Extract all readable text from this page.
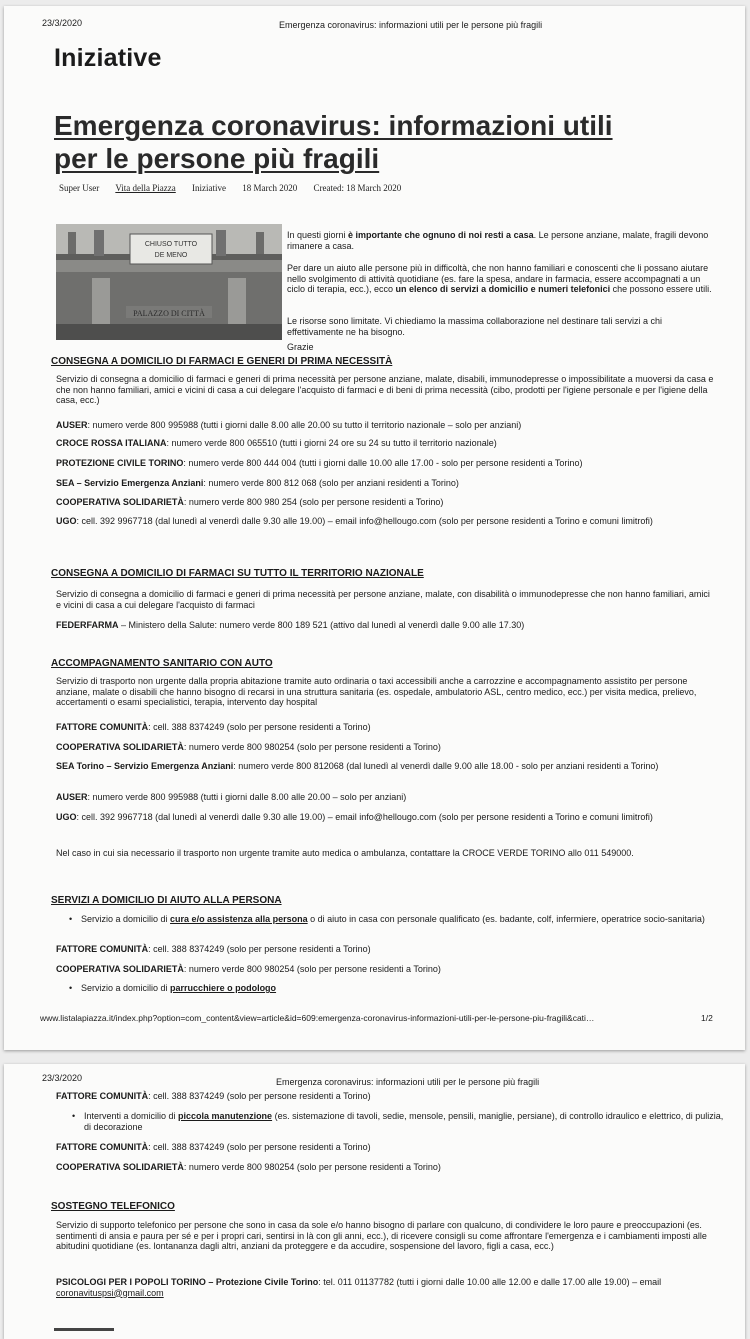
23/3/2020	Emergenza coronavirus: informazioni utili per le persone più fragili
Iniziative
Emergenza coronavirus: informazioni utili
per le persone più fragili
Super User Vita della Piazza Iniziative 18 March 2020 Created: 18 March 2020
CHIUSO TUTTO
DE MENO
PALAZZO DI CITTÀ
In questi giorni è importante che ognuno di noi resti a casa. Le persone anziane, malate, fragili devono rimanere a casa.
Per dare un aiuto alle persone più in difficoltà, che non hanno familiari e conoscenti che li possano aiutare nello svolgimento di attività quotidiane (es. fare la spesa, andare in farmacia, essere accompagnati a un ciclo di terapia, ecc.), ecco un elenco di servizi a domicilio e numeri telefonici che possono essere utili.
Le risorse sono limitate. Vi chiediamo la massima collaborazione nel destinare tali servizi a chi effettivamente ne ha bisogno.
Grazie
CONSEGNA A DOMICILIO DI FARMACI E GENERI DI PRIMA NECESSITÀ
Servizio di consegna a domicilio di farmaci e generi di prima necessità per persone anziane, malate, disabili, immunodepresse o impossibilitate a muoversi da casa e che non hanno familiari, amici e vicini di casa a cui delegare l'acquisto di farmaci e di beni di prima necessità (cibo, prodotti per l'igiene personale e per l'igiene della casa, ecc.)
AUSER: numero verde 800 995988 (tutti i giorni dalle 8.00 alle 20.00 su tutto il territorio nazionale – solo per anziani)
CROCE ROSSA ITALIANA: numero verde 800 065510 (tutti i giorni 24 ore su 24 su tutto il territorio nazionale)
PROTEZIONE CIVILE TORINO: numero verde 800 444 004 (tutti i giorni dalle 10.00 alle 17.00 - solo per persone residenti a Torino)
SEA – Servizio Emergenza Anziani: numero verde 800 812 068 (solo per anziani residenti a Torino)
COOPERATIVA SOLIDARIETÀ: numero verde 800 980 254 (solo per persone residenti a Torino)
UGO: cell. 392 9967718 (dal lunedì al venerdì dalle 9.30 alle 19.00) – email info@hellougo.com (solo per persone residenti a Torino e comuni limitrofi)
CONSEGNA A DOMICILIO DI FARMACI SU TUTTO IL TERRITORIO NAZIONALE
Servizio di consegna a domicilio di farmaci e generi di prima necessità per persone anziane, malate, con disabilità o immunodepresse che non hanno familiari, amici e vicini di casa a cui delegare l'acquisto di farmaci
FEDERFARMA – Ministero della Salute: numero verde 800 189 521 (attivo dal lunedì al venerdì dalle 9.00 alle 17.30)
ACCOMPAGNAMENTO SANITARIO CON AUTO
Servizio di trasporto non urgente dalla propria abitazione tramite auto ordinaria o taxi accessibili anche a carrozzine e accompagnamento assistito per persone anziane, malate o disabili che hanno bisogno di recarsi in una struttura sanitaria (es. ospedale, ambulatorio ASL, centro medico, ecc.) per visita medica, prelievo, accertamenti o esami specialistici, terapia, intervento day hospital
FATTORE COMUNITÀ: cell. 388 8374249 (solo per persone residenti a Torino)
COOPERATIVA SOLIDARIETÀ: numero verde 800 980254 (solo per persone residenti a Torino)
SEA Torino – Servizio Emergenza Anziani: numero verde 800 812068 (dal lunedì al venerdì dalle 9.00 alle 18.00 - solo per anziani residenti a Torino)
AUSER: numero verde 800 995988 (tutti i giorni dalle 8.00 alle 20.00 – solo per anziani)
UGO: cell. 392 9967718 (dal lunedì al venerdì dalle 9.30 alle 19.00) – email info@hellougo.com (solo per persone residenti a Torino e comuni limitrofi)
Nel caso in cui sia necessario il trasporto non urgente tramite auto medica o ambulanza, contattare la CROCE VERDE TORINO allo 011 549000.
SERVIZI A DOMICILIO DI AIUTO ALLA PERSONA
• Servizio a domicilio di cura e/o assistenza alla persona o di aiuto in casa con personale qualificato (es. badante, colf, infermiere, operatrice socio-sanitaria)
FATTORE COMUNITÀ: cell. 388 8374249 (solo per persone residenti a Torino)
COOPERATIVA SOLIDARIETÀ: numero verde 800 980254 (solo per persone residenti a Torino)
• Servizio a domicilio di parrucchiere o podologo
www.listalapiazza.it/index.php?option=com_content&view=article&id=609:emergenza-coronavirus-informazioni-utili-per-le-persone-piu-fragili&cati…	1/2
23/3/2020	Emergenza coronavirus: informazioni utili per le persone più fragili
FATTORE COMUNITÀ: cell. 388 8374249 (solo per persone residenti a Torino)
• Interventi a domicilio di piccola manutenzione (es. sistemazione di tavoli, sedie, mensole, pensili, maniglie, persiane), di controllo idraulico e elettrico, di pulizia, di decorazione
FATTORE COMUNITÀ: cell. 388 8374249 (solo per persone residenti a Torino)
COOPERATIVA SOLIDARIETÀ: numero verde 800 980254 (solo per persone residenti a Torino)
SOSTEGNO TELEFONICO
Servizio di supporto telefonico per persone che sono in casa da sole e/o hanno bisogno di parlare con qualcuno, di condividere le loro paure e preoccupazioni (es. sentimenti di ansia e paura per sé e per i propri cari, sentirsi in là con gli anni, ecc.), di ricevere consigli su come affrontare l'emergenza e i cambiamenti imposti alle abitudini quotidiane (es. lontananza dagli altri, anziani da proteggere e da accudire, sospensione del lavoro, figli a casa, ecc.)
PSICOLOGI PER I POPOLI TORINO – Protezione Civile Torino: tel. 011 01137782 (tutti i giorni dalle 10.00 alle 12.00 e dalle 17.00 alle 19.00) – email coronavituspsi@gmail.com
